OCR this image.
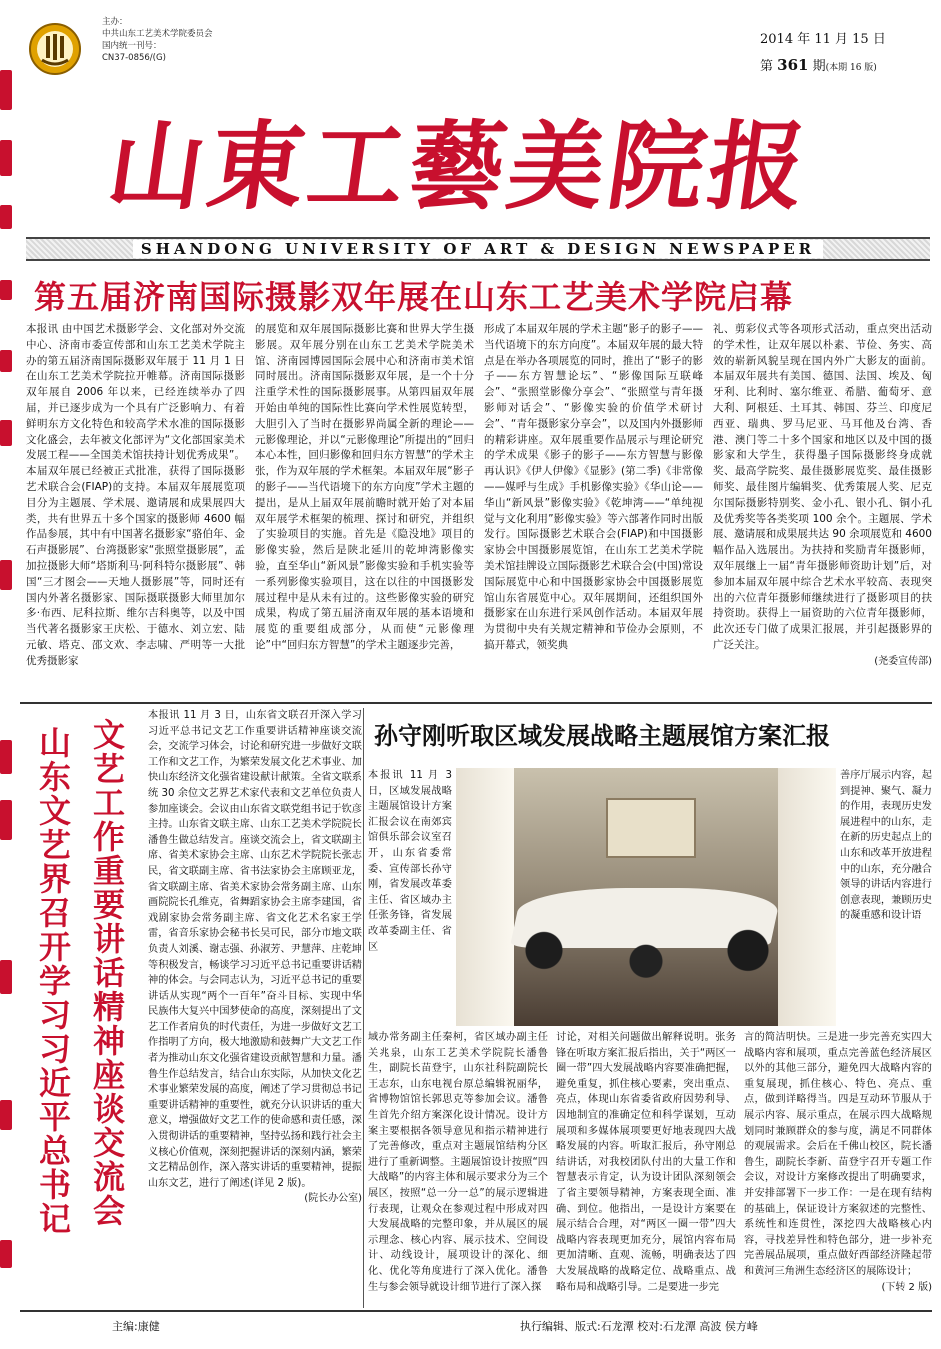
主办：
中共山东工艺美术学院委员会
国内统一刊号：
CN37-0856/(G)
2014 年 11 月 15 日
第 361 期(本期 16 版)
山東工藝美院报
SHANDONG UNIVERSITY OF ART & DESIGN NEWSPAPER
第五届济南国际摄影双年展在山东工艺美术学院启幕
本报讯 由中国艺术摄影学会、文化部对外交流中心、济南市委宣传部和山东工艺美术学院主办的第五届济南国际摄影双年展于 11 月 1 日在山东工艺美术学院拉开帷幕。济南国际摄影双年展自 2006 年以来，已经连续举办了四届，并已逐步成为一个具有广泛影响力、有着鲜明东方文化特色和较高学术水准的国际摄影文化盛会，去年被文化部评为“文化部国家美术发展工程——全国美术馆扶持计划优秀成果”。本届双年展已经被正式批准，获得了国际摄影艺术联合会(FIAP)的支持。本届双年展展览项目分为主题展、学术展、邀请展和成果展四大类，共有世界五十多个国家的摄影师 4600 幅作品参展，其中有中国著名摄影家“骆伯年、金石声摄影展”、台湾摄影家“张照堂摄影展”，孟加拉摄影大师“塔斯利马·阿科特尔摄影展”、韩国“三才图会——天地人摄影展”等，同时还有国内外著名摄影家、国际摄联摄影大师里加尔多·布西、尼科拉斯、维尔吉科奥等，以及中国当代著名摄影家王庆松、于德水、刘立宏、陆元敏、塔克、邵文欢、李志啸、严明等一大批优秀摄影家
的展览和双年展国际摄影比赛和世界大学生摄影展。双年展分别在山东工艺美术学院美术馆、济南园博园国际会展中心和济南市美术馆同时展出。济南国际摄影双年展，是一个十分注重学术性的国际摄影展事。从第四届双年展开始由单纯的国际性比赛向学术性展览转型，大胆引入了当时在摄影界尚属全新的理论——元影像理论，并以“元影像理论”所提出的“回归本心本性，回归影像和回归东方智慧”的学术主张，作为双年展的学术框架。本届双年展“影子的影子——当代语境下的东方向度”学术主题的提出，是从上届双年展前瞻时就开始了对本届双年展学术框架的梳理、探讨和研究，并组织了实验项目的实施。首先是《隐没地》项目的影像实验，然后是陕北延川的乾坤湾影像实验，直至华山“新风景”影像实验和手机实验等一系列影像实验项目，这在以往的中国摄影发展过程中是从未有过的。这些影像实验的研究成果，构成了第五届济南双年展的基本语境和展览的重要组成部分，从而使“元影像理论”中“回归东方智慧”的学术主题逐步完善，
形成了本届双年展的学术主题“影子的影子——当代语境下的东方向度”。本届双年展的最大特点是在举办各项展览的同时，推出了“影子的影子——东方智慧论坛”、“影像国际互联峰会”、“张照堂影像分享会”、“张照堂与青年摄影师对话会”、“影像实验的价值学术研讨会”、“青年摄影家分享会”，以及国内外摄影师的精彩讲座。双年展重要作品展示与理论研究的学术成果《影子的影子——东方智慧与影像再认识》《伊人伊像》《显影》(第二季)《非常像——媒呼与生成》手机影像实验》《华山论——华山“新风景”影像实验》《乾坤湾——“单纯视觉与文化利用”影像实验》等六部著作同时出版发行。国际摄影艺术联合会(FIAP)和中国摄影家协会中国摄影展览馆，在山东工艺美术学院美术馆挂牌设立国际摄影艺术联合会(中国)常设国际展览中心和中国摄影家协会中国摄影展览馆山东省展览中心。双年展期间，还组织国外摄影家在山东进行采风创作活动。本届双年展为贯彻中央有关规定精神和节俭办会原则，不搞开幕式，领奖典
礼、剪彩仪式等各项形式活动，重点突出活动的学术性，让双年展以朴素、节俭、务实、高效的崭新风貌呈现在国内外广大影友的面前。本届双年展共有美国、德国、法国、埃及、匈牙利、比利时、塞尔维亚、希腊、葡萄牙、意大利、阿根廷、土耳其、韩国、芬兰、印度尼西亚、瑞典、罗马尼亚、马耳他及台湾、香港、澳门等二十多个国家和地区以及中国的摄影家和大学生，获得墨子国际摄影终身成就奖、最高学院奖、最佳摄影展览奖、最佳摄影师奖、最佳图片编辑奖、优秀策展人奖、尼克尔国际摄影特别奖、金小孔、银小孔、铜小孔及优秀奖等各类奖项 100 余个。主题展、学术展、邀请展和成果展共达 90 余项展览和 4600 幅作品入选展出。为扶持和奖励青年摄影师，双年展继上一届“青年摄影师资助计划”后，对参加本届双年展中综合艺术水平较高、表现突出的六位青年摄影师继续进行了摄影项目的扶持资助。获得上一届资助的六位青年摄影师，此次还专门做了成果汇报展，并引起摄影界的广泛关注。
(尧委宣传部)
文艺工作重要讲话精神座谈交流会
山东文艺界召开学习习近平总书记
本报讯 11 月 3 日，山东省文联召开深入学习习近平总书记文艺工作重要讲话精神座谈交流会，交流学习体会，讨论和研究进一步做好文联工作和文艺工作，为繁荣发展文化艺术事业、加快山东经济文化强省建设献计献策。全省文联系统 30 余位文艺界艺术家代表和文艺单位负责人参加座谈会。会议由山东省文联党组书记于钦彦主持。山东省文联主席、山东工艺美术学院院长潘鲁生做总结发言。座谈交流会上，省文联副主席、省美术家协会主席、山东艺术学院院长张志民，省文联副主席、省书法家协会主席顾亚龙，省文联副主席、省美术家协会常务副主席、山东画院院长孔维克，省舞蹈家协会主席李建国，省戏剧家协会常务副主席、省文化艺术名家王学雷，省音乐家协会秘书长吴可民，部分市地文联负责人刘溪、谢志强、孙淑芳、尹慧萍、庄乾坤等积极发言，畅谈学习习近平总书记重要讲话精神的体会。与会同志认为，习近平总书记的重要讲话从实现“两个一百年”奋斗目标、实现中华民族伟大复兴中国梦使命的高度，深刻提出了文艺工作者肩负的时代责任，为进一步做好文艺工作指明了方向，极大地激励和鼓舞广大文艺工作者为推动山东文化强省建设贡献智慧和力量。潘鲁生作总结发言，结合山东实际，从加快文化艺术事业繁荣发展的高度，阐述了学习贯彻总书记重要讲话精神的重要性，就充分认识讲话的重大意义，增强做好文艺工作的使命感和责任感，深入贯彻讲话的重要精神，坚持弘扬和践行社会主义核心价值观，深刻把握讲话的深刻内涵，繁荣文艺精品创作，深入落实讲话的重要精神，提振山东文艺，进行了阐述(详见 2 版)。
(院长办公室)
孙守刚听取区域发展战略主题展馆方案汇报
本报讯 11 月 3 日，区域发展战略主题展馆设计方案汇报会议在南郊宾馆俱乐部会议室召开，山东省委常委、宣传部长孙守刚，省发展改革委主任、省区域办主任张务锋，省发展改革委副主任、省区
善序厅展示内容，起到提神、聚气、凝力的作用，表现历史发展进程中的山东，走在新的历史起点上的山东和改革开放进程中的山东，充分融合领导的讲话内容进行创意表现，兼顾历史的凝重感和设计语
域办常务副主任秦柯，省区域办副主任关兆泉，山东工艺美术学院院长潘鲁生，副院长苗登宇，山东社科院副院长王志东，山东电视台原总编辑祝丽华，省博物馆馆长郭思克等参加会议。潘鲁生首先介绍方案深化设计情况。设计方案主要根据各领导意见和指示精神进行了完善修改，重点对主题展馆结构分区进行了重新调整。主题展馆设计按照“四大战略”的内容主体和展示要求分为三个展区，按照“总一分一总”的展示逻辑进行表现，让观众在参观过程中形成对四大发展战略的完整印象，并从展区的展示理念、核心内容、展示技术、空间设计、动线设计，展项设计的深化、细化、优化等角度进行了深入优化。潘鲁生与参会领导就设计细节进行了深入探
讨论，对相关问题做出解释说明。张务锋在听取方案汇报后指出，关于“两区一圈一带”四大发展战略内容要准确把握，避免重复，抓住核心要素，突出重点、亮点，体现山东省委省政府因势利导、因地制宜的准确定位和科学谋划，互动展项和多媒体展项要更好地表现四大战略发展的内容。听取汇报后，孙守刚总结讲话，对我校团队付出的大量工作和智慧表示肯定，认为设计团队深刻领会了省主要领导精神，方案表现全面、准确、到位。他指出，一是设计方案要在展示结合合理，对“两区一圈一带”四大战略内容表现更加充分，展馆内容布局更加清晰、直观、流畅，明确表达了四大发展战略的战略定位、战略重点、战略布局和战略引导。二是要进一步完
言的简洁明快。三是进一步完善充实四大战略内容和展项，重点完善蓝色经济展区以外的其他三部分，避免四大战略内容的重复展现，抓住核心、特色、亮点、重点，做到详略得当。四是互动环节服从于展示内容、展示重点，在展示四大战略规划同时兼顾群众的参与度，满足不同群体的观展需求。会后在千佛山校区，院长潘鲁生，副院长李新、苗登宇召开专题工作会议，对设计方案修改提出了明确要求，并安排部署下一步工作：一是在现有结构的基础上，保证设计方案叙述的完整性、系统性和连贯性，深挖四大战略核心内容，寻找差异性和特色部分，进一步补充完善展品展项，重点做好西部经济隆起带和黄河三角洲生态经济区的展陈设计；
(下转 2 版)
主编:康健	执行编辑、版式:石龙潭 校对:石龙潭 高波 侯方峰
